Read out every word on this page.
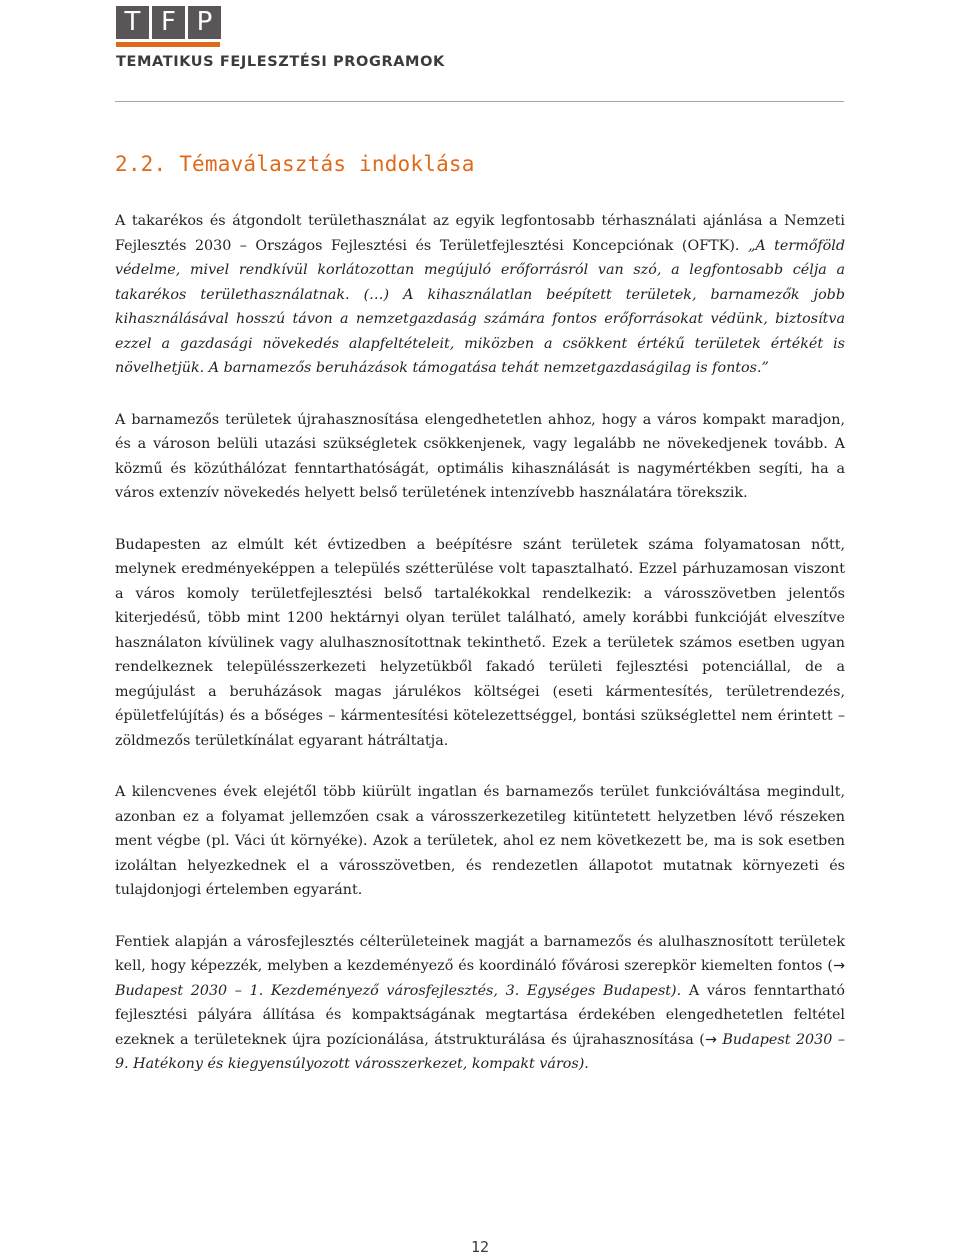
T F P
TEMATIKUS FEJLESZTÉSI PROGRAMOK
2.2. Témaválasztás indoklása

A takarékos és átgondolt területhasználat az egyik legfontosabb térhasználati ajánlása a Nemzeti Fejlesztés 2030 – Országos Fejlesztési és Területfejlesztési Koncepciónak (OFTK). „A termőföld védelme, mivel rendkívül korlátozottan megújuló erőforrásról van szó, a legfontosabb célja a takarékos területhasználatnak. (…) A kihasználatlan beépített területek, barnamezők jobb kihasználásával hosszú távon a nemzetgazdaság számára fontos erőforrásokat védünk, biztosítva ezzel a gazdasági növekedés alapfeltételeit, miközben a csökkent értékű területek értékét is növelhetjük. A barnamezős beruházások támogatása tehát nemzetgazdaságilag is fontos.”

A barnamezős területek újrahasznosítása elengedhetetlen ahhoz, hogy a város kompakt maradjon, és a városon belüli utazási szükségletek csökkenjenek, vagy legalább ne növekedjenek tovább. A közmű és közúthálózat fenntarthatóságát, optimális kihasználását is nagymértékben segíti, ha a város extenzív növekedés helyett belső területének intenzívebb használatára törekszik.

Budapesten az elmúlt két évtizedben a beépítésre szánt területek száma folyamatosan nőtt, melynek eredményeképpen a település szétterülése volt tapasztalható. Ezzel párhuzamosan viszont a város komoly területfejlesztési belső tartalékokkal rendelkezik: a városszövetben jelentős kiterjedésű, több mint 1200 hektárnyi olyan terület található, amely korábbi funkcióját elveszítve használaton kívülinek vagy alulhasznosítottnak tekinthető. Ezek a területek számos esetben ugyan rendelkeznek településszerkezeti helyzetükből fakadó területi fejlesztési potenciállal, de a megújulást a beruházások magas járulékos költségei (eseti kármentesítés, területrendezés, épületfelújítás) és a bőséges – kármentesítési kötelezettséggel, bontási szükséglettel nem érintett – zöldmezős területkínálat egyarant hátráltatja.

A kilencvenes évek elejétől több kiürült ingatlan és barnamezős terület funkcióváltása megindult, azonban ez a folyamat jellemzően csak a városszerkezetileg kitüntetett helyzetben lévő részeken ment végbe (pl. Váci út környéke). Azok a területek, ahol ez nem következett be, ma is sok esetben izoláltan helyezkednek el a városszövetben, és rendezetlen állapotot mutatnak környezeti és tulajdonjogi értelemben egyaránt.

Fentiek alapján a városfejlesztés célterületeinek magját a barnamezős és alulhasznosított területek kell, hogy képezzék, melyben a kezdeményező és koordináló fővárosi szerepkör kiemelten fontos (→ Budapest 2030 – 1. Kezdeményező városfejlesztés, 3. Egységes Budapest). A város fenntartható fejlesztési pályára állítása és kompaktságának megtartása érdekében elengedhetetlen feltétel ezeknek a területeknek újra pozícionálása, átstrukturálása és újrahasznosítása (→ Budapest 2030 – 9. Hatékony és kiegyensúlyozott városszerkezet, kompakt város).

12
